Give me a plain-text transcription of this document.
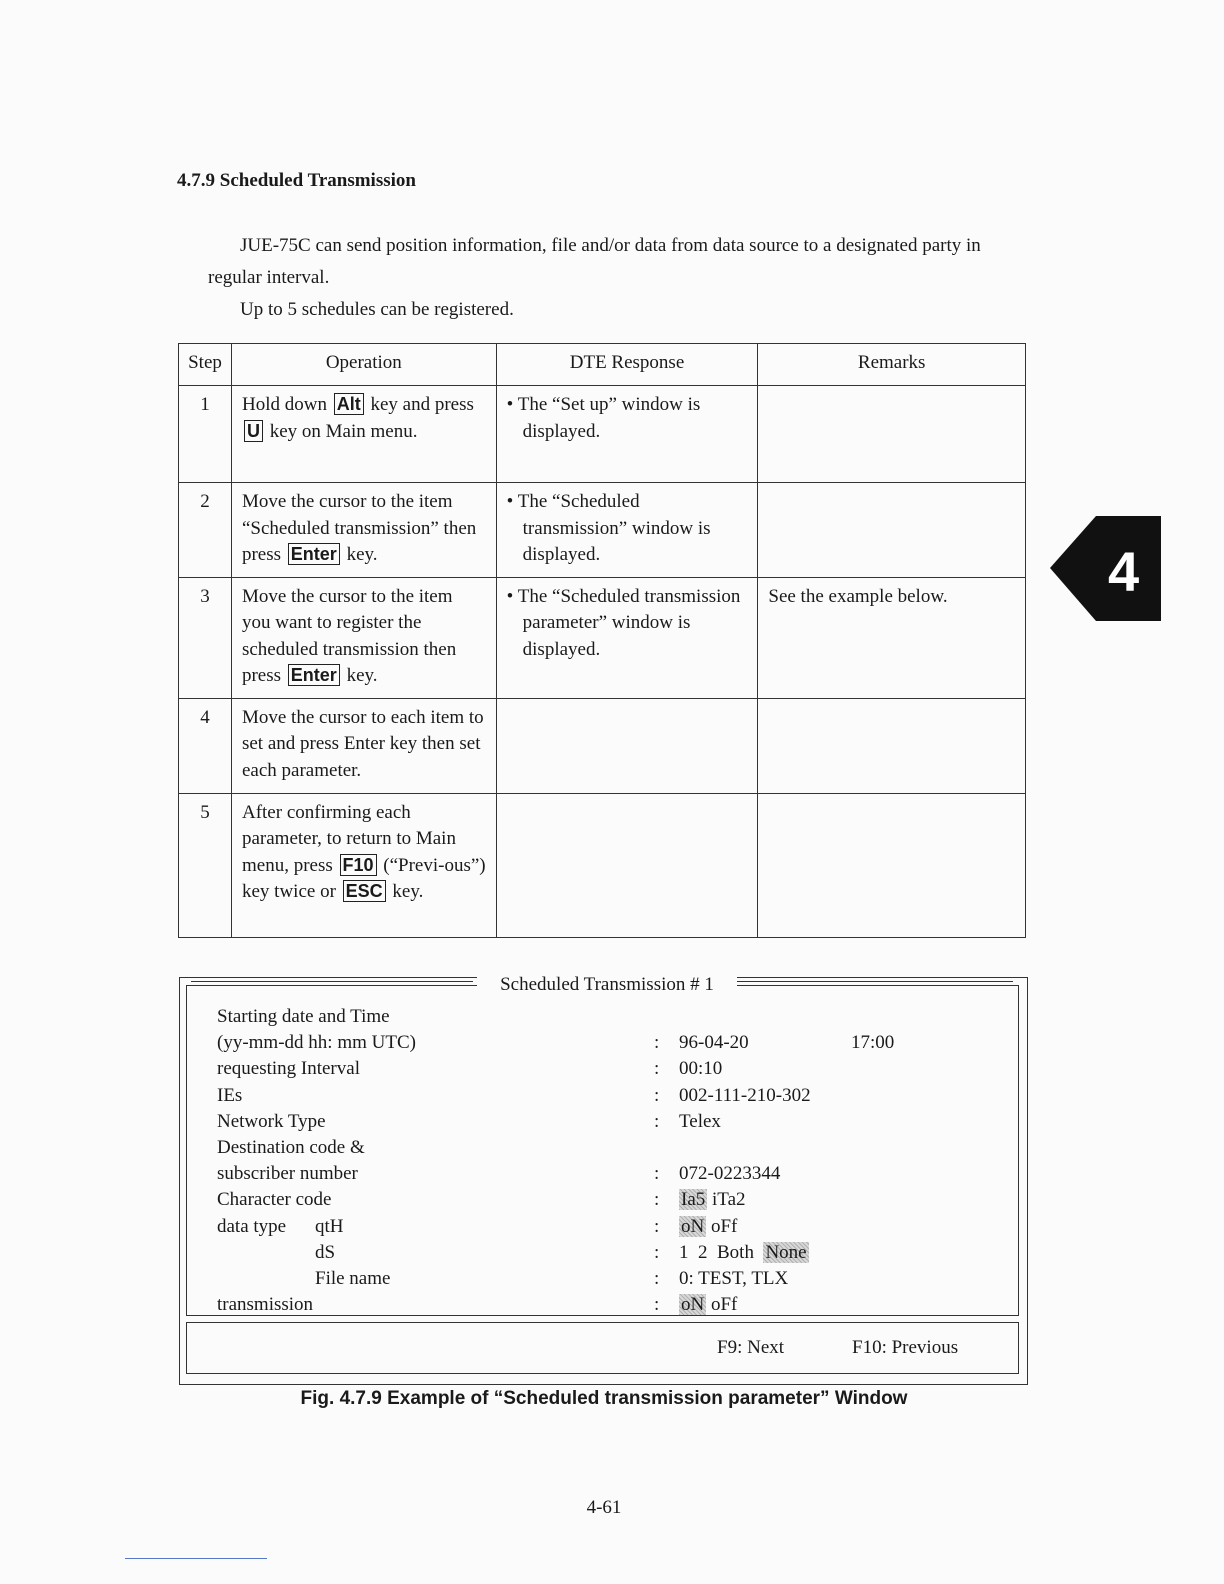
4.7.9 Scheduled Transmission
JUE-75C can send position information, file and/or data from data source to a designated party in regular interval.
Up to 5 schedules can be registered.
Step	Operation	DTE Response	Remarks
1	Hold down Alt key and press U key on Main menu.	• The “Set up” window is displayed.	

2	Move the cursor to the item “Scheduled transmission” then press Enter key.	• The “Scheduled transmission” window is displayed.	

3	Move the cursor to the item you want to register the scheduled transmission then press Enter key.	• The “Scheduled transmission parameter” window is displayed.	See the example below.
4	Move the cursor to each item to set and press Enter key then set each parameter.		
5	After confirming each parameter, to return to Main menu, press F10 (“Previ-ous”) key twice or ESC key.		
4
Scheduled Transmission # 1
Starting date and Time
(yy-mm-dd hh: mm UTC)	: 96-04-20	17:00
requesting Interval	: 00:10
IEs	: 002-111-210-302
Network Type	: Telex
Destination code &
subscriber number	: 072-0223344
Character code	: Ia5 iTa2
data type qtH	: oN oFf
dS	: 1 2 Both None
File name	: 0: TEST, TLX
transmission	: oN oFf
F9: Next	F10: Previous
Fig. 4.7.9 Example of “Scheduled transmission parameter” Window
4-61
